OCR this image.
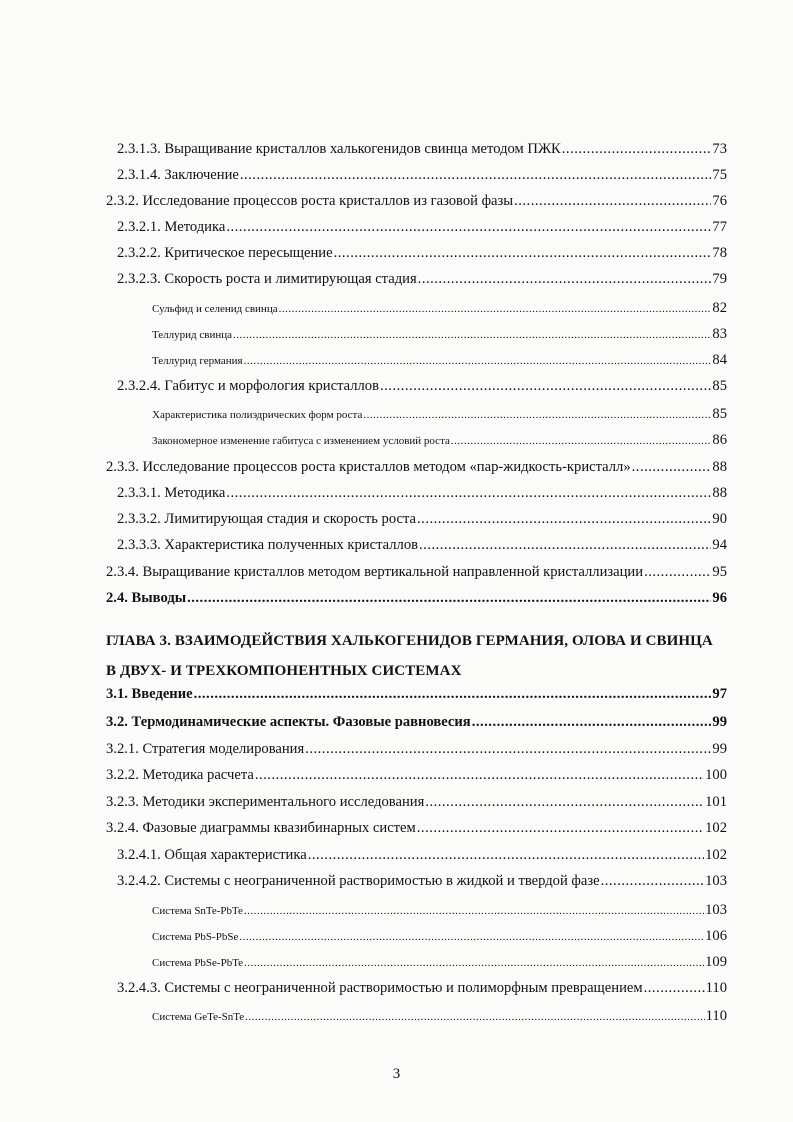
2.3.1.3. Выращивание кристаллов халькогенидов свинца методом ПЖК .....	73
2.3.1.4. Заключение .....	75
2.3.2. Исследование процессов роста кристаллов из газовой фазы .....	76
2.3.2.1. Методика .....	77
2.3.2.2. Критическое пересыщение .....	78
2.3.2.3. Скорость роста и лимитирующая стадия .....	79
Сульфид и селенид свинца .....	82
Теллурид свинца .....	83
Теллурид германия .....	84
2.3.2.4. Габитус и морфология кристаллов .....	85
Характеристика полиэдрических форм роста .....	85
Закономерное изменение габитуса с изменением условий роста .....	86
2.3.3. Исследование процессов роста кристаллов методом «пар-жидкость-кристалл» .....	88
2.3.3.1. Методика .....	88
2.3.3.2. Лимитирующая стадия и скорость роста .....	90
2.3.3.3. Характеристика полученных кристаллов .....	94
2.3.4. Выращивание кристаллов методом вертикальной направленной кристаллизации .....	95
2.4. Выводы .....	96
ГЛАВА 3. ВЗАИМОДЕЙСТВИЯ ХАЛЬКОГЕНИДОВ ГЕРМАНИЯ, ОЛОВА И СВИНЦА
В ДВУХ- И ТРЕХКОМПОНЕНТНЫХ СИСТЕМАХ
3.1. Введение .....	97
3.2. Термодинамические аспекты. Фазовые равновесия .....	99
3.2.1. Стратегия моделирования .....	99
3.2.2. Методика расчета .....	100
3.2.3. Методики экспериментального исследования .....	101
3.2.4. Фазовые диаграммы квазибинарных систем .....	102
3.2.4.1. Общая характеристика .....	102
3.2.4.2. Системы с неограниченной растворимостью в жидкой и твердой фазе .....	103
Система SnTe-PbTe .....	103
Система PbS-PbSe .....	106
Система PbSe-PbTe .....	109
3.2.4.3. Системы с неограниченной растворимостью и полиморфным превращением .....	110
Система GeTe-SnTe .....	110
3
